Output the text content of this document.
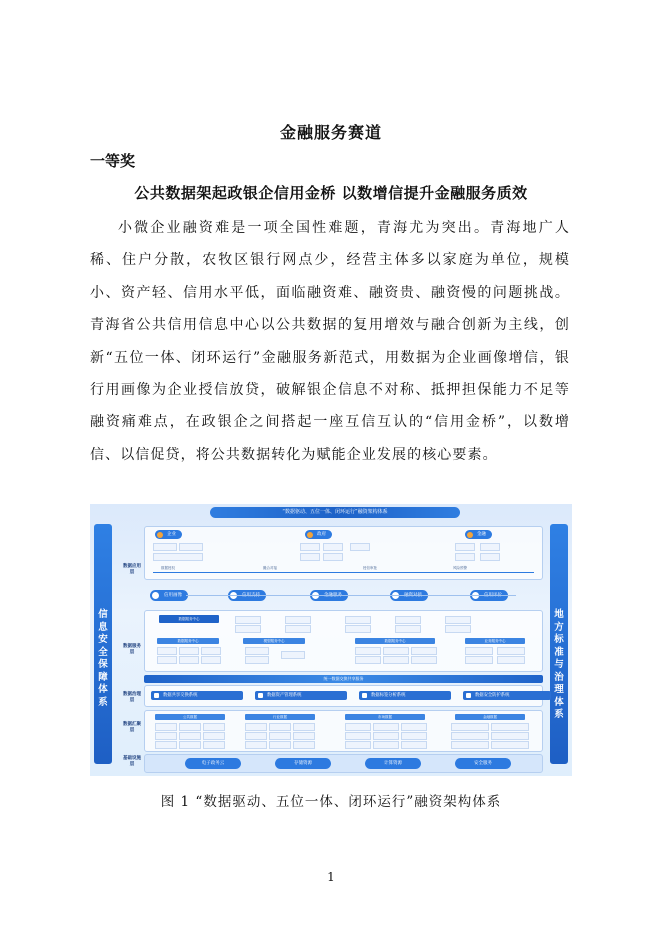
金融服务赛道
一等奖
公共数据架起政银企信用金桥 以数增信提升金融服务质效
小微企业融资难是一项全国性难题，青海尤为突出。青海地广人稀、住户分散，农牧区银行网点少，经营主体多以家庭为单位，规模小、资产轻、信用水平低，面临融资难、融资贵、融资慢的问题挑战。青海省公共信用信息中心以公共数据的复用增效与融合创新为主线，创新“五位一体、闭环运行”金融服务新范式，用数据为企业画像增信，银行用画像为企业授信放贷，破解银企信息不对称、抵押担保能力不足等融资痛难点，在政银企之间搭起一座互信互认的“信用金桥”，以数增信、以信促贷，将公共数据转化为赋能企业发展的核心要素。
“数据驱动、五位一体、闭环运行”融资架构体系
信息安全保障体系
地方标准与治理体系
数据应用层
企业	政府	金融
数据授权	撮合对接	授信审批	风险预警
信用画像
数据服务层
数据服务中心
数据服务中心	模型服务中心	数据服务中心	业务服务中心
数据治理层
统一数据交换共享服务
数据共享交换系统	数据资产管理系统	数据标签分析系统	数据安全防护系统
数据汇聚层
公共数据	行业数据	市场数据	金融数据
基础设施层	电子政务云	存储资源	计算资源	安全服务
图 1 “数据驱动、五位一体、闭环运行”融资架构体系
1
